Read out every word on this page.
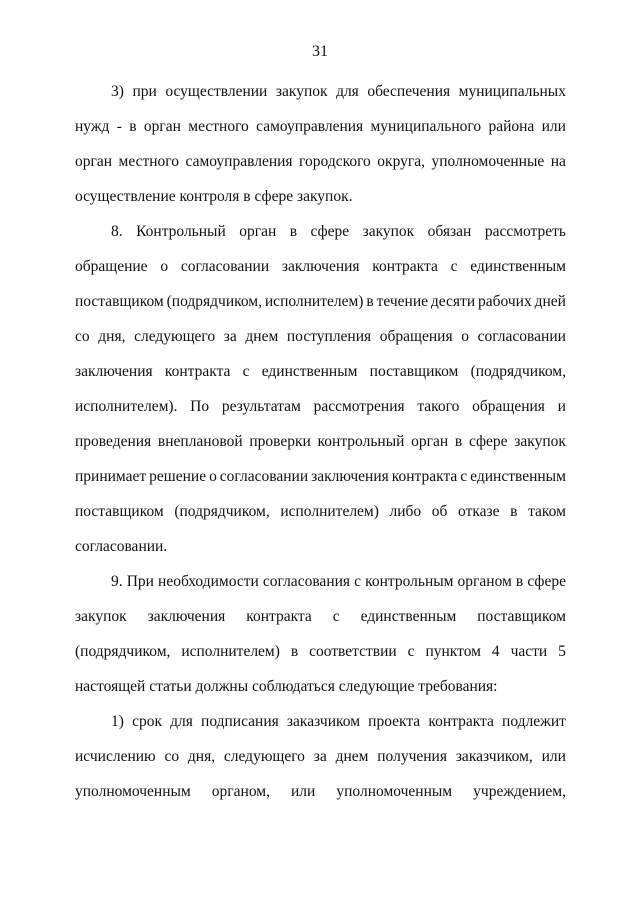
31
3) при осуществлении закупок для обеспечения муниципальных
нужд - в орган местного самоуправления муниципального района или
орган местного самоуправления городского округа, уполномоченные на
осуществление контроля в сфере закупок.
8. Контрольный орган в сфере закупок обязан рассмотреть
обращение о согласовании заключения контракта с единственным
поставщиком (подрядчиком, исполнителем) в течение десяти рабочих дней
со дня, следующего за днем поступления обращения о согласовании
заключения контракта с единственным поставщиком (подрядчиком,
исполнителем). По результатам рассмотрения такого обращения и
проведения внеплановой проверки контрольный орган в сфере закупок
принимает решение о согласовании заключения контракта с единственным
поставщиком (подрядчиком, исполнителем) либо об отказе в таком
согласовании.
9. При необходимости согласования с контрольным органом в сфере
закупок заключения контракта с единственным поставщиком
(подрядчиком, исполнителем) в соответствии с пунктом 4 части 5
настоящей статьи должны соблюдаться следующие требования:
1) срок для подписания заказчиком проекта контракта подлежит
исчислению со дня, следующего за днем получения заказчиком, или
уполномоченным органом, или уполномоченным учреждением,
